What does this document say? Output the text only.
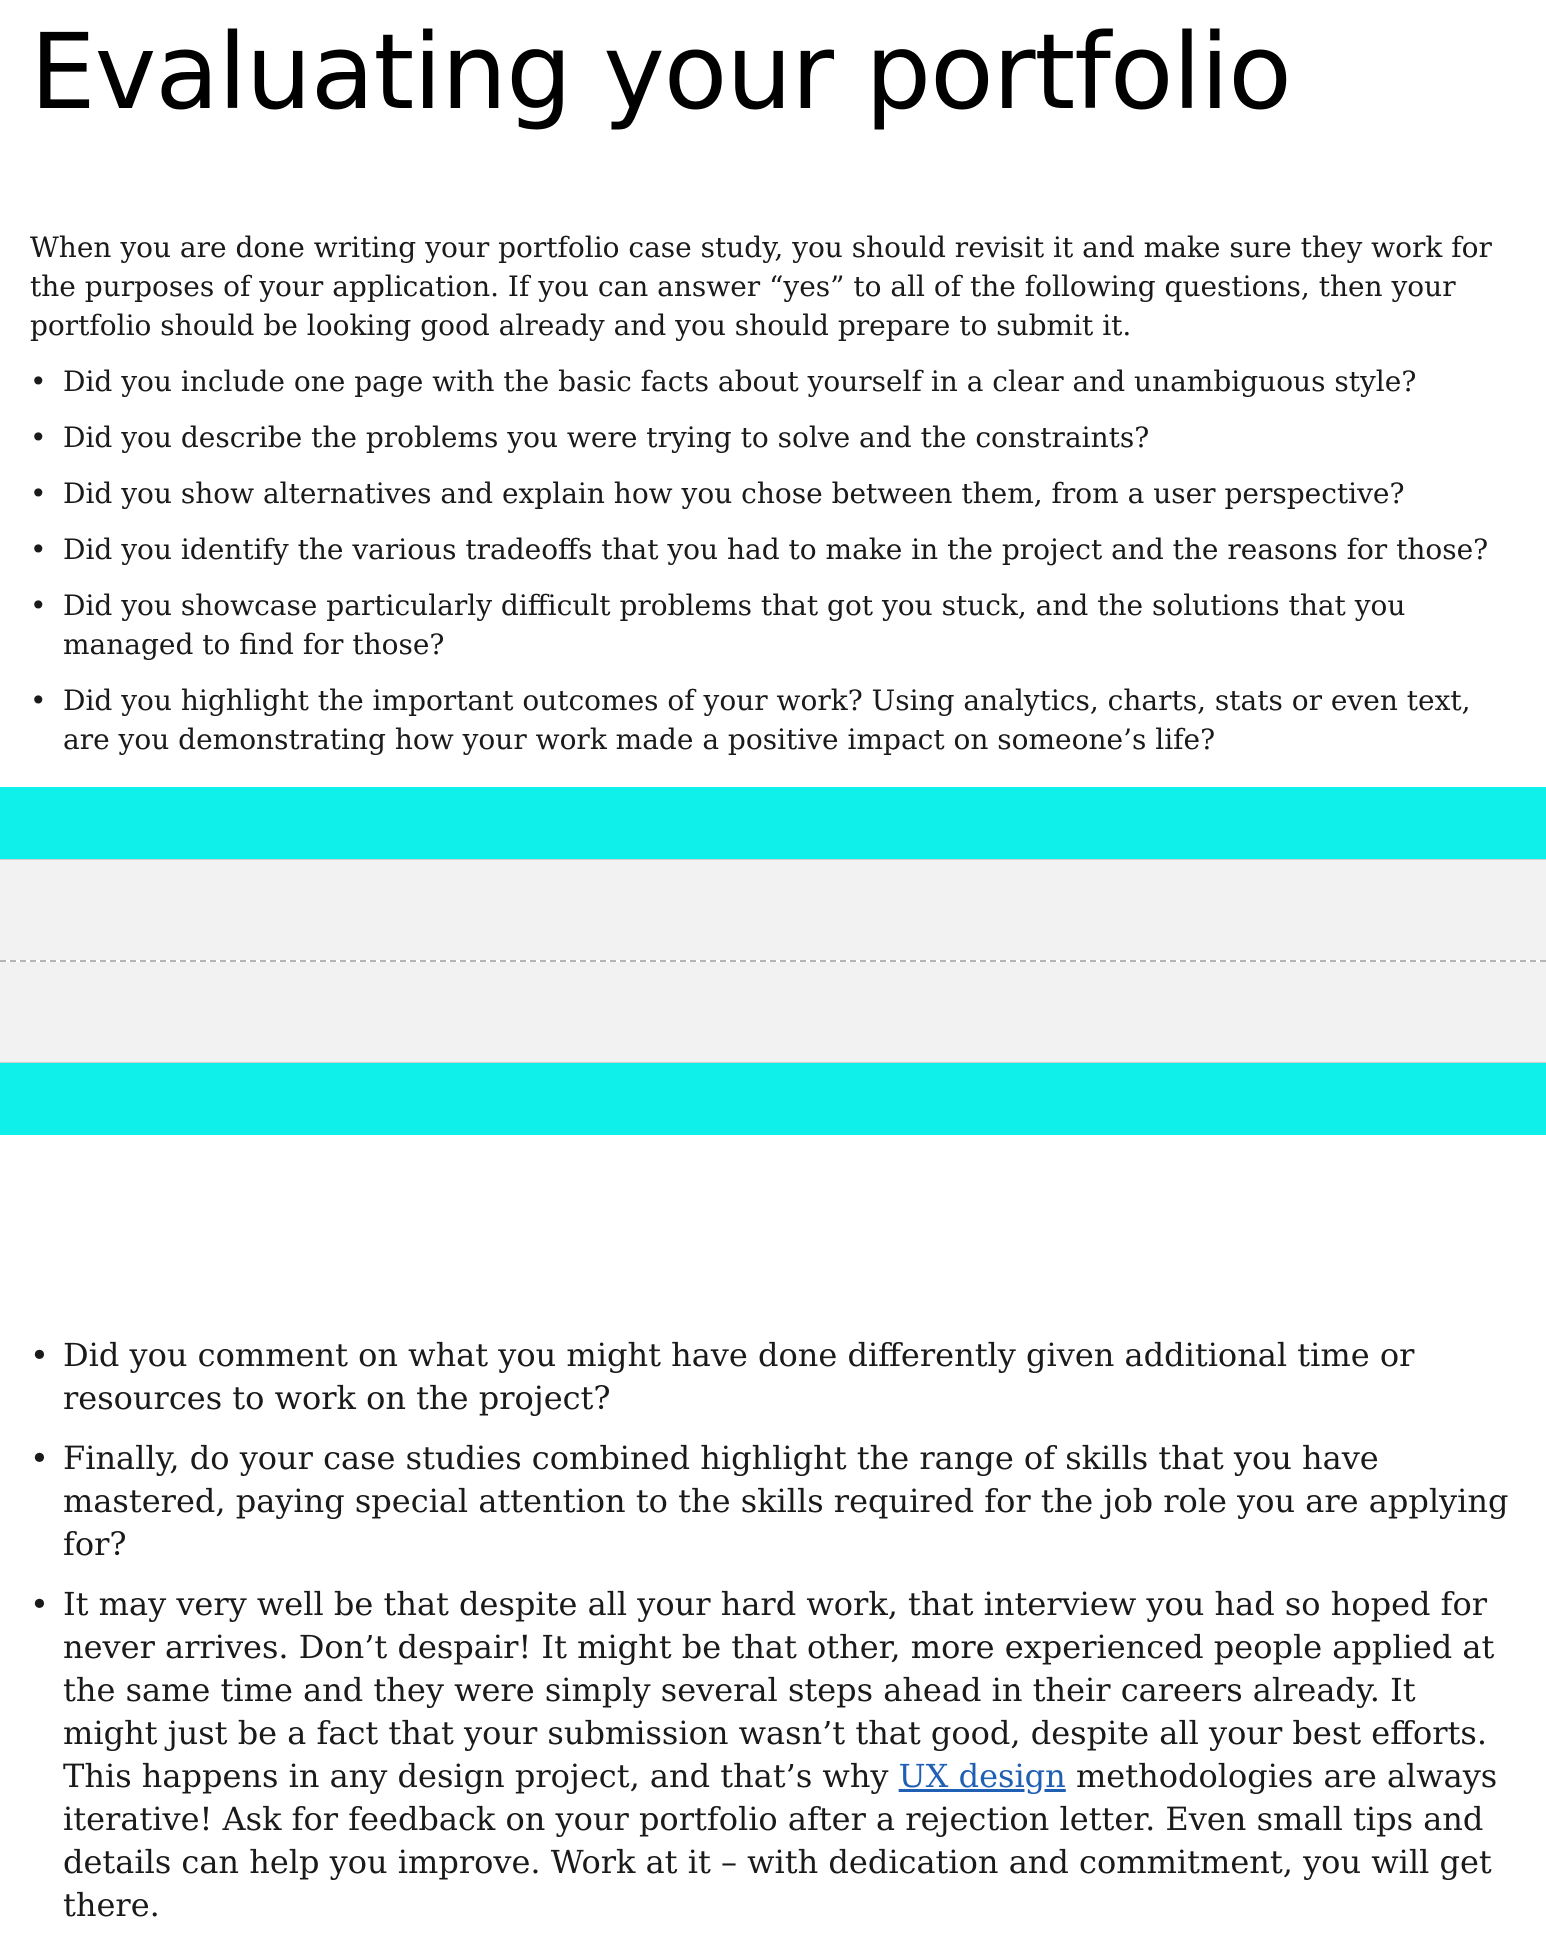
Evaluating your portfolio

When you are done writing your portfolio case study, you should revisit it and make sure they work for the purposes of your application. If you can answer “yes” to all of the following questions, then your portfolio should be looking good already and you should prepare to submit it.

• Did you include one page with the basic facts about yourself in a clear and unambiguous style?
• Did you describe the problems you were trying to solve and the constraints?
• Did you show alternatives and explain how you chose between them, from a user perspective?
• Did you identify the various tradeoffs that you had to make in the project and the reasons for those?
• Did you showcase particularly difficult problems that got you stuck, and the solutions that you managed to find for those?
• Did you highlight the important outcomes of your work? Using analytics, charts, stats or even text, are you demonstrating how your work made a positive impact on someone’s life?
• Did you comment on what you might have done differently given additional time or resources to work on the project?
• Finally, do your case studies combined highlight the range of skills that you have mastered, paying special attention to the skills required for the job role you are applying for?
• It may very well be that despite all your hard work, that interview you had so hoped for never arrives. Don’t despair! It might be that other, more experienced people applied at the same time and they were simply several steps ahead in their careers already. It might just be a fact that your submission wasn’t that good, despite all your best efforts. This happens in any design project, and that’s why UX design methodologies are always iterative! Ask for feedback on your portfolio after a rejection letter. Even small tips and details can help you improve. Work at it – with dedication and commitment, you will get there.
